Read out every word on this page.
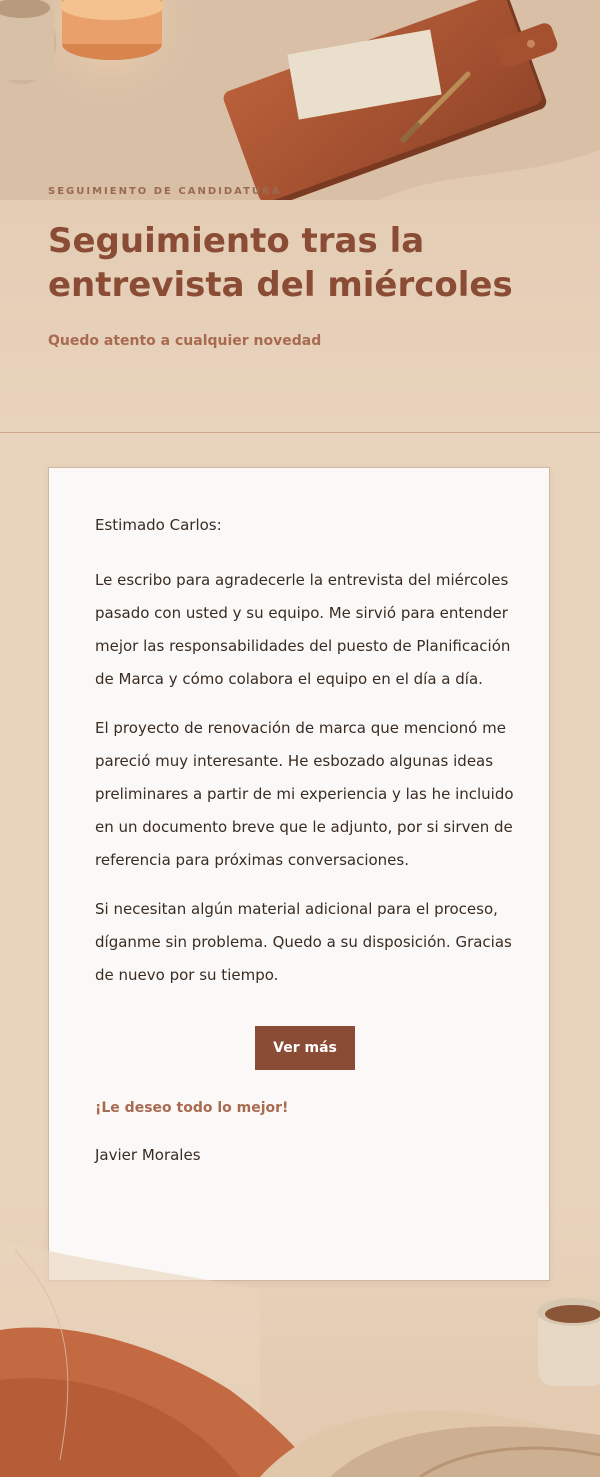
SEGUIMIENTO DE CANDIDATURA

Seguimiento tras la entrevista del miércoles

Quedo atento a cualquier novedad

Estimado Carlos:

Le escribo para agradecerle la entrevista del miércoles pasado con usted y su equipo. Me sirvió para entender mejor las responsabilidades del puesto de Planificación de Marca y cómo colabora el equipo en el día a día.

El proyecto de renovación de marca que mencionó me pareció muy interesante. He esbozado algunas ideas preliminares a partir de mi experiencia y las he incluido en un documento breve que le adjunto, por si sirven de referencia para próximas conversaciones.

Si necesitan algún material adicional para el proceso, díganme sin problema. Quedo a su disposición. Gracias de nuevo por su tiempo.

Ver más

¡Le deseo todo lo mejor!

Javier Morales
